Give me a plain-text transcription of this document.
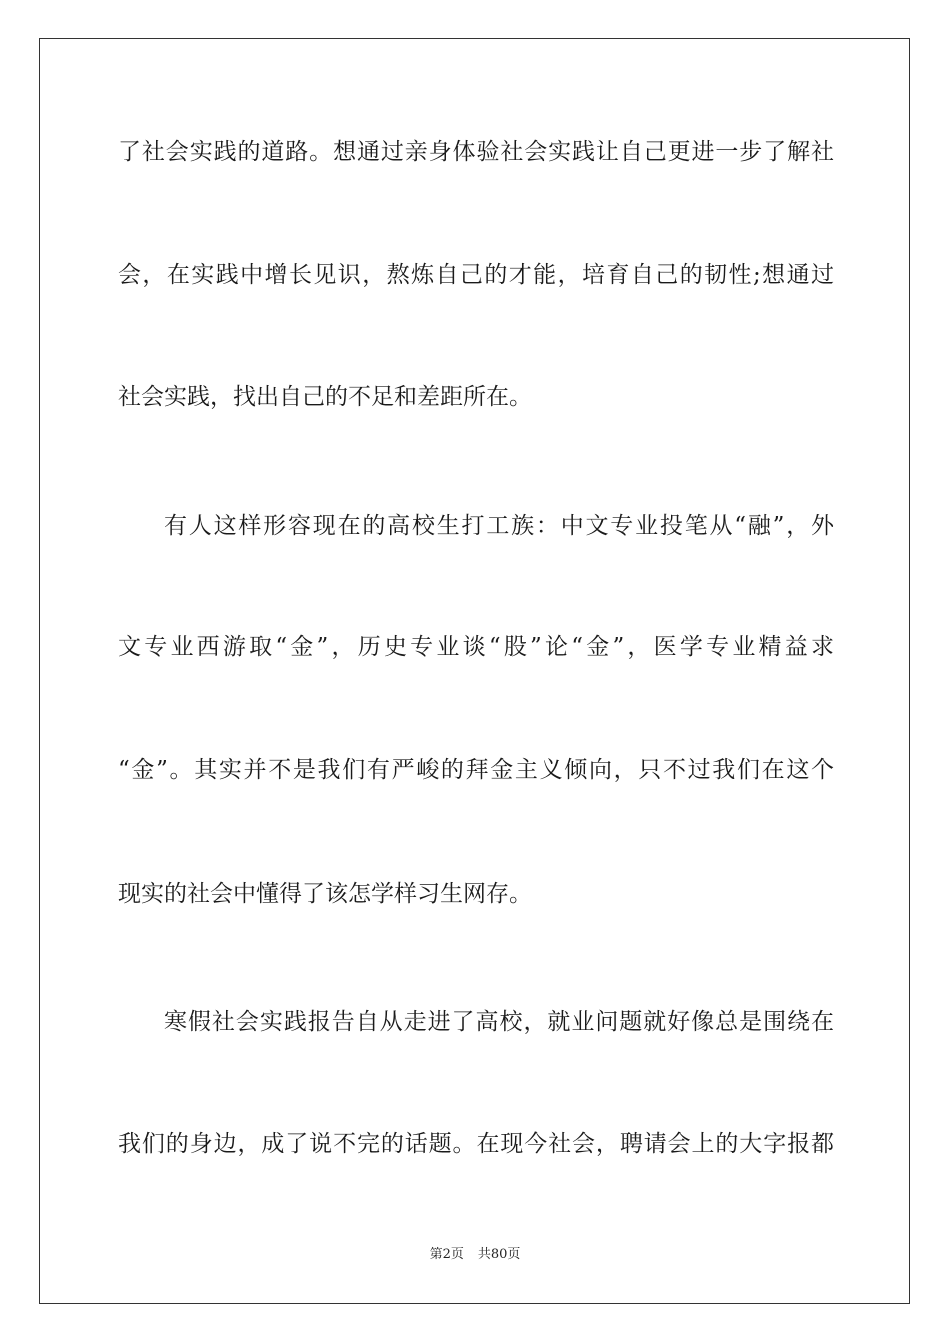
了社会实践的道路。想通过亲身体验社会实践让自己更进一步了解社
会，在实践中增长见识，熬炼自己的才能，培育自己的韧性;想通过
社会实践，找出自己的不足和差距所在。
有人这样形容现在的高校生打工族：中文专业投笔从“融”，外
文专业西游取“金”，历史专业谈“股”论“金”，医学专业精益求
“金”。其实并不是我们有严峻的拜金主义倾向，只不过我们在这个
现实的社会中懂得了该怎学样习生网存。
寒假社会实践报告自从走进了高校，就业问题就好像总是围绕在
我们的身边，成了说不完的话题。在现今社会，聘请会上的大字报都
第2页 共80页
